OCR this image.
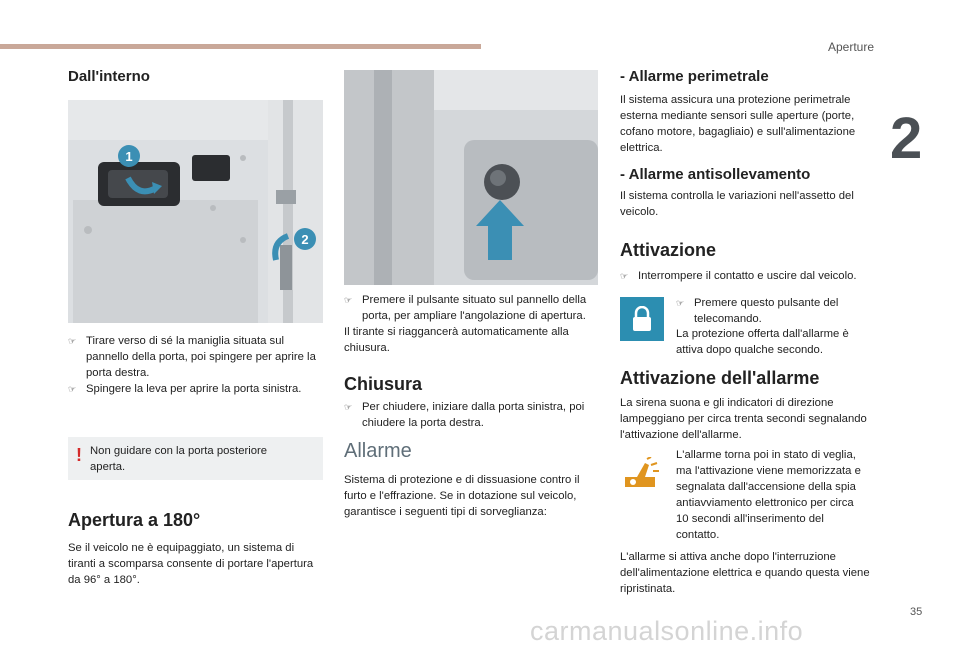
Aperture
2
Dall'interno
1
2
☞ Tirare verso di sé la maniglia situata sul pannello della porta, poi spingere per aprire la porta destra.
☞ Spingere la leva per aprire la porta sinistra.
! Non guidare con la porta posteriore aperta.

Apertura a 180°

Se il veicolo ne è equipaggiato, un sistema di tiranti a scomparsa consente di portare l'apertura da 96° a 180°.

☞ Premere il pulsante situato sul pannello della porta, per ampliare l'angolazione di apertura.

Il tirante si riaggancerà automaticamente alla chiusura.

Chiusura
☞ Per chiudere, iniziare dalla porta sinistra, poi chiudere la porta destra.
Allarme

Sistema di protezione e di dissuasione contro il furto e l'effrazione. Se in dotazione sul veicolo, garantisce i seguenti tipi di sorveglianza:

- Allarme perimetrale

Il sistema assicura una protezione perimetrale esterna mediante sensori sulle aperture (porte, cofano motore, bagagliaio) e sull'alimentazione elettrica.

- Allarme antisollevamento

Il sistema controlla le variazioni nell'assetto del veicolo.

Attivazione
☞ Interrompere il contatto e uscire dal veicolo.
☞ Premere questo pulsante del telecomando.

La protezione offerta dall'allarme è attiva dopo qualche secondo.

Attivazione dell'allarme

La sirena suona e gli indicatori di direzione lampeggiano per circa trenta secondi segnalando l'attivazione dell'allarme.

L'allarme torna poi in stato di veglia, ma l'attivazione viene memorizzata e segnalata dall'accensione della spia antiavviamento elettronico per circa 10 secondi all'inserimento del contatto.

L'allarme si attiva anche dopo l'interruzione dell'alimentazione elettrica e quando questa viene ripristinata.

35
carmanualsonline.info
